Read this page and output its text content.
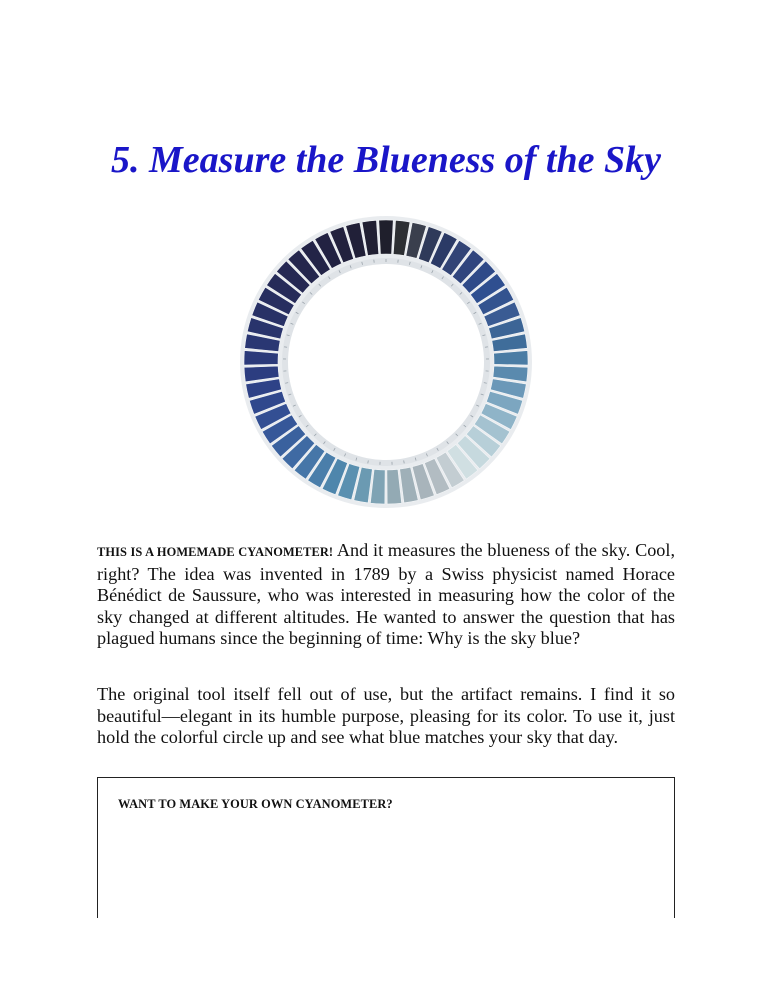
5. Measure the Blueness of the Sky

THIS IS A HOMEMADE CYANOMETER! And it measures the blueness of the sky. Cool, right? The idea was invented in 1789 by a Swiss physicist named Horace Bénédict de Saussure, who was interested in measuring how the color of the sky changed at different altitudes. He wanted to answer the question that has plagued humans since the beginning of time: Why is the sky blue?

The original tool itself fell out of use, but the artifact remains. I find it so beautiful—elegant in its humble purpose, pleasing for its color. To use it, just hold the colorful circle up and see what blue matches your sky that day.

WANT TO MAKE YOUR OWN CYANOMETER?
